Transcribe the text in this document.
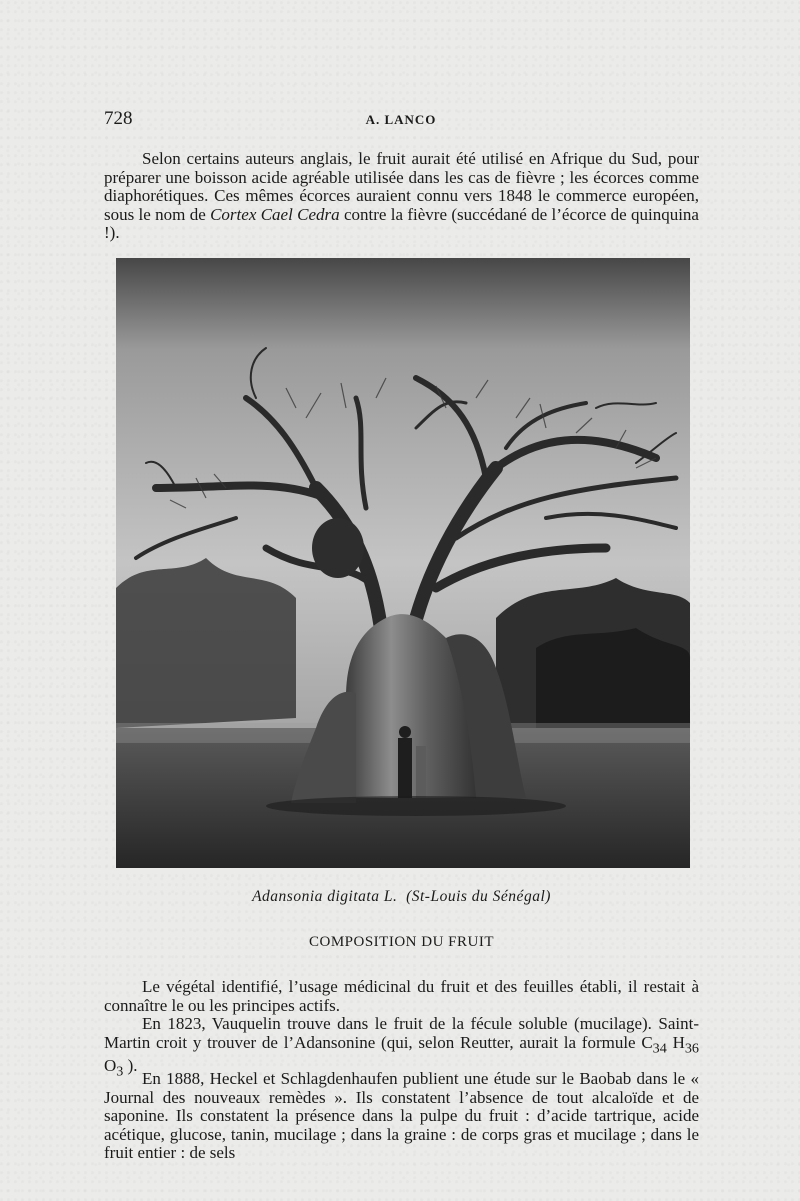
728	A. LANCO

Selon certains auteurs anglais, le fruit aurait été utilisé en Afrique du Sud, pour préparer une boisson acide agréable utilisée dans les cas de fièvre ; les écorces comme diaphorétiques. Ces mêmes écorces auraient connu vers 1848 le commerce européen, sous le nom de Cortex Cael Cedra contre la fièvre (succédané de l’écorce de quinquina !).

Adansonia digitata L. (St-Louis du Sénégal)
COMPOSITION DU FRUIT

Le végétal identifié, l’usage médicinal du fruit et des feuilles établi, il restait à connaître le ou les principes actifs.

En 1823, Vauquelin trouve dans le fruit de la fécule soluble (mucilage). Saint-Martin croit y trouver de l’Adansonine (qui, selon Reutter, aurait la formule $C_{34}$ $H_{36}$ $O_3$ ).

En 1888, Heckel et Schlagdenhaufen publient une étude sur le Baobab dans le « Journal des nouveaux remèdes ». Ils constatent l’absence de tout alcaloïde et de saponine. Ils constatent la présence dans la pulpe du fruit : d’acide tartrique, acide acétique, glucose, tanin, mucilage ; dans la graine : de corps gras et mucilage ; dans le fruit entier : de sels
